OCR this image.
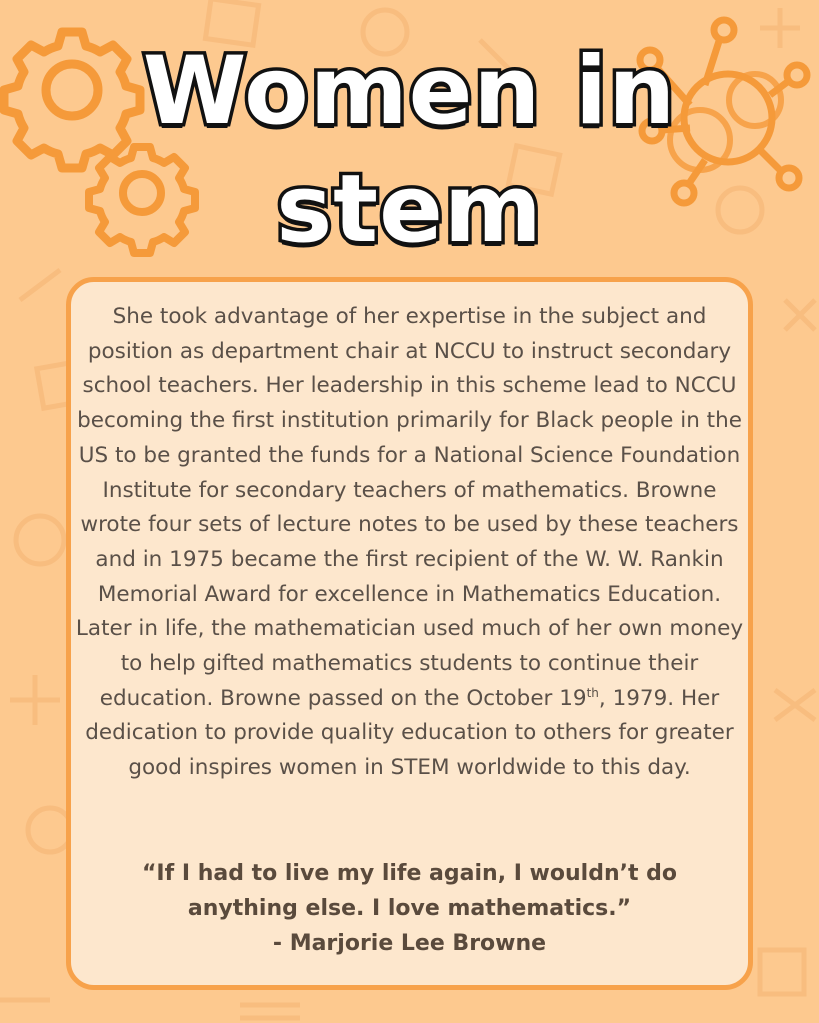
Women in
stem
She took advantage of her expertise in the subject and position as department chair at NCCU to instruct secondary school teachers. Her leadership in this scheme lead to NCCU becoming the first institution primarily for Black people in the US to be granted the funds for a National Science Foundation Institute for secondary teachers of mathematics. Browne wrote four sets of lecture notes to be used by these teachers and in 1975 became the first recipient of the W. W. Rankin Memorial Award for excellence in Mathematics Education. Later in life, the mathematician used much of her own money to help gifted mathematics students to continue their education. Browne passed on the October 19th, 1979. Her dedication to provide quality education to others for greater good inspires women in STEM worldwide to this day.
“If I had to live my life again, I wouldn’t do
anything else. I love mathematics.”
- Marjorie Lee Browne
